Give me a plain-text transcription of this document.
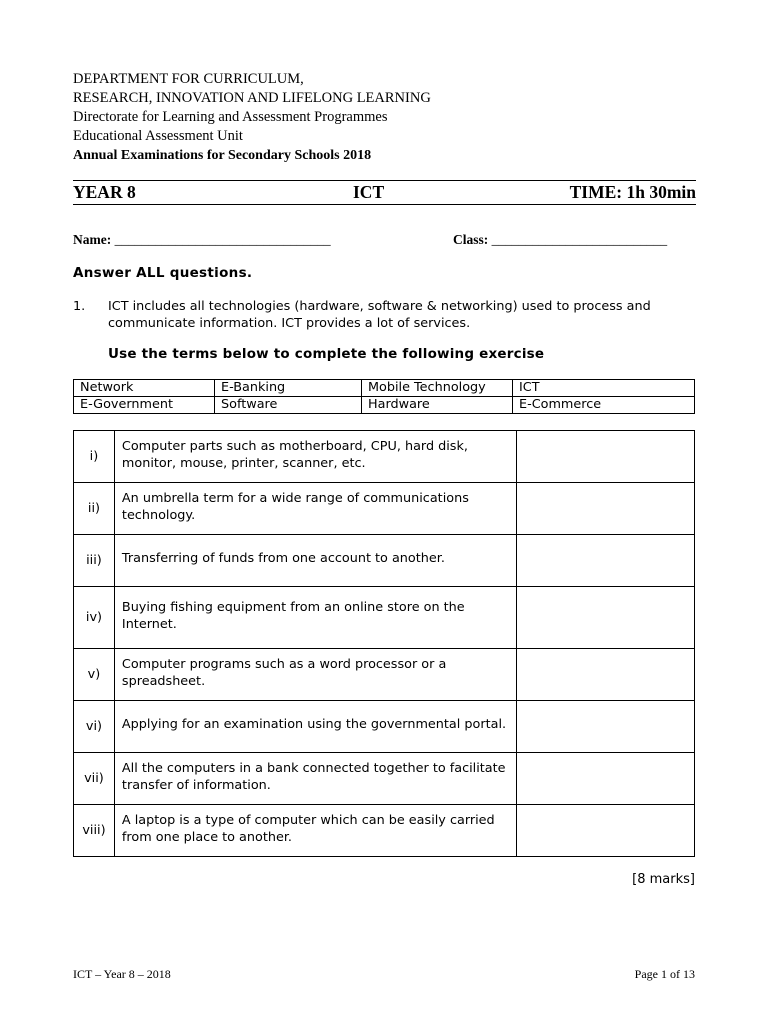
DEPARTMENT FOR CURRICULUM,
RESEARCH, INNOVATION AND LIFELONG LEARNING
Directorate for Learning and Assessment Programmes
Educational Assessment Unit
Annual Examinations for Secondary Schools 2018
YEAR 8	ICT	TIME: 1h 30min
Name: ________________________________	Class: __________________________
Answer ALL questions.
1. ICT includes all technologies (hardware, software & networking) used to process and communicate information. ICT provides a lot of services.
Use the terms below to complete the following exercise
Network	E-Banking	Mobile Technology	ICT
E-Government	Software	Hardware	E-Commerce
i)	Computer parts such as motherboard, CPU, hard disk, monitor, mouse, printer, scanner, etc.	
ii)	An umbrella term for a wide range of communications technology.	
iii)	Transferring of funds from one account to another.	
iv)	Buying fishing equipment from an online store on the Internet.	
v)	Computer programs such as a word processor or a spreadsheet.	
vi)	Applying for an examination using the governmental portal.	
vii)	All the computers in a bank connected together to facilitate transfer of information.	
viii)	A laptop is a type of computer which can be easily carried from one place to another.	
[8 marks]
ICT – Year 8 – 2018	Page 1 of 13
